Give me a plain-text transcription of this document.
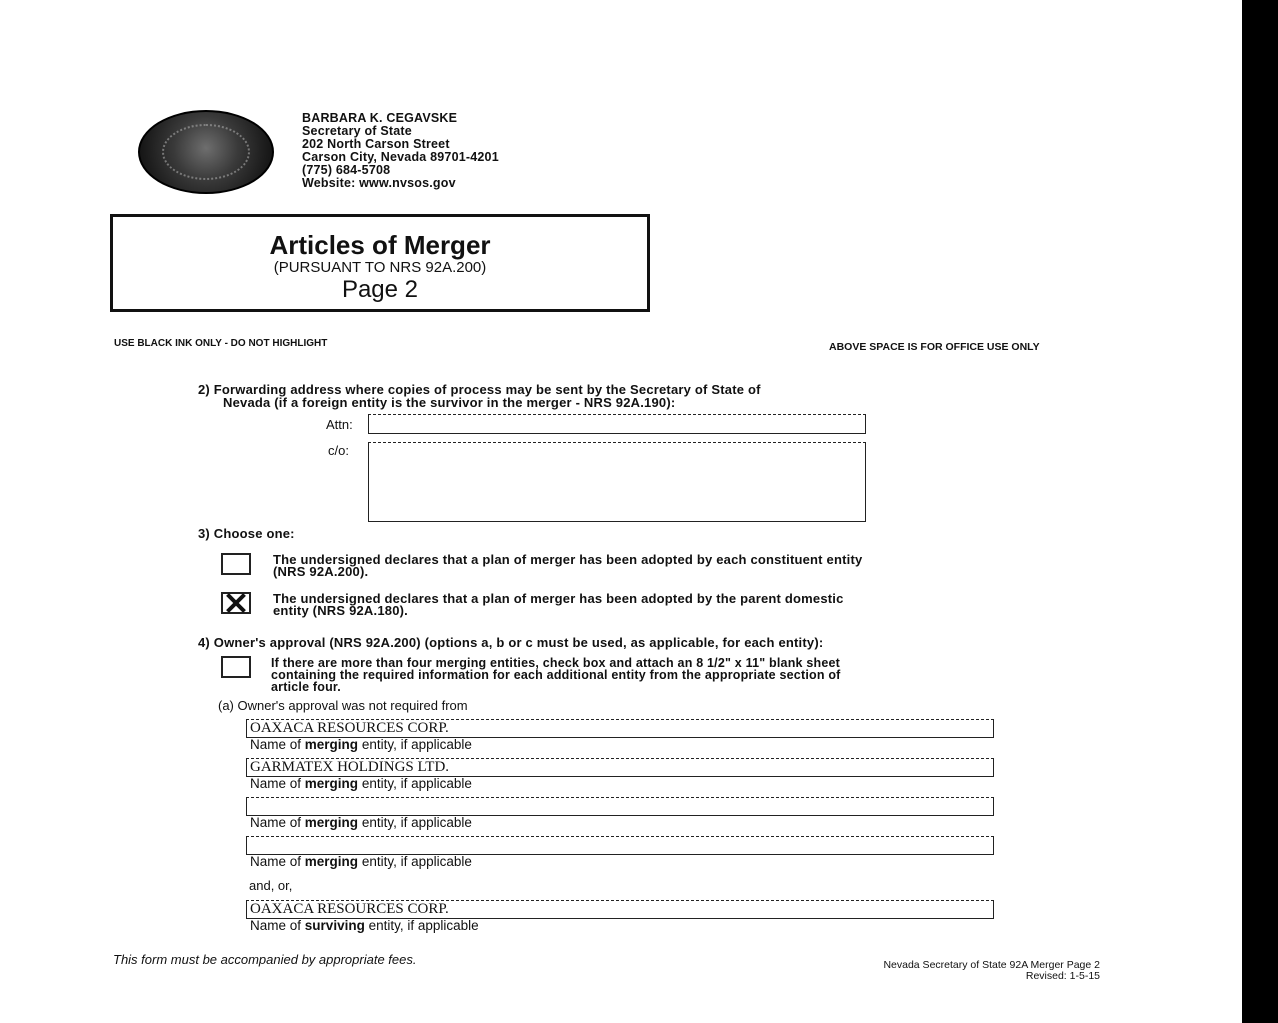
BARBARA K. CEGAVSKE
Secretary of State
202 North Carson Street
Carson City, Nevada 89701-4201
(775) 684-5708
Website: www.nvsos.gov
Articles of Merger
(PURSUANT TO NRS 92A.200)
Page 2
USE BLACK INK ONLY - DO NOT HIGHLIGHT	ABOVE SPACE IS FOR OFFICE USE ONLY
2) Forwarding address where copies of process may be sent by the Secretary of State of
Nevada (if a foreign entity is the survivor in the merger - NRS 92A.190):
Attn:
c/o:
3) Choose one:
The undersigned declares that a plan of merger has been adopted by each constituent entity
(NRS 92A.200).
The undersigned declares that a plan of merger has been adopted by the parent domestic
entity (NRS 92A.180).
4) Owner's approval (NRS 92A.200) (options a, b or c must be used, as applicable, for each entity):
If there are more than four merging entities, check box and attach an 8 1/2" x 11" blank sheet
containing the required information for each additional entity from the appropriate section of
article four.
(a) Owner's approval was not required from
OAXACA RESOURCES CORP.
Name of merging entity, if applicable
GARMATEX HOLDINGS LTD.
Name of merging entity, if applicable
Name of merging entity, if applicable
Name of merging entity, if applicable
and, or,
OAXACA RESOURCES CORP.
Name of surviving entity, if applicable
This form must be accompanied by appropriate fees.	Nevada Secretary of State 92A Merger Page 2
Revised: 1-5-15
